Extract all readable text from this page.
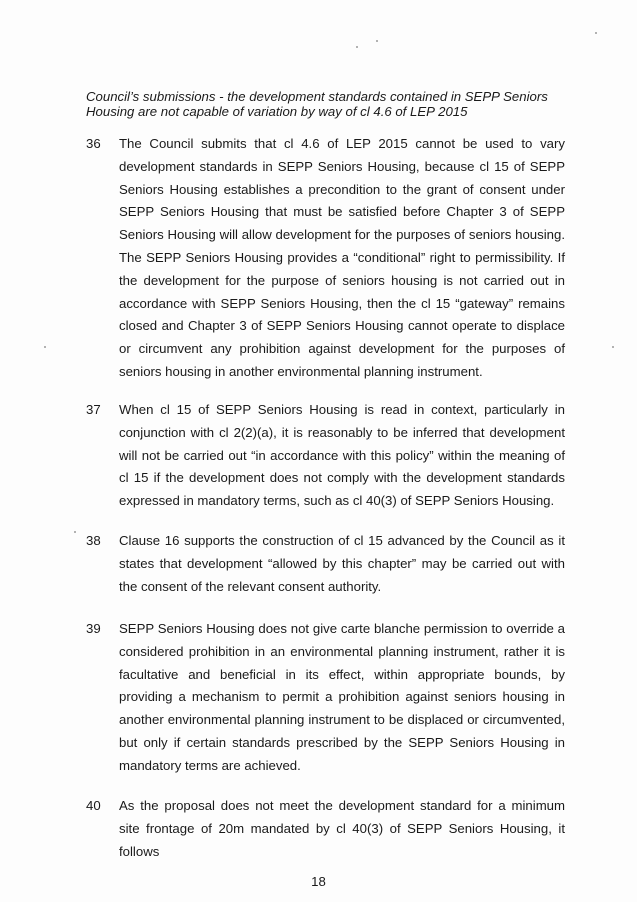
Council’s submissions - the development standards contained in SEPP Seniors
Housing are not capable of variation by way of cl 4.6 of LEP 2015
36 The Council submits that cl 4.6 of LEP 2015 cannot be used to vary development standards in SEPP Seniors Housing, because cl 15 of SEPP Seniors Housing establishes a precondition to the grant of consent under SEPP Seniors Housing that must be satisfied before Chapter 3 of SEPP Seniors Housing will allow development for the purposes of seniors housing. The SEPP Seniors Housing provides a “conditional” right to permissibility. If the development for the purpose of seniors housing is not carried out in accordance with SEPP Seniors Housing, then the cl 15 “gateway” remains closed and Chapter 3 of SEPP Seniors Housing cannot operate to displace or circumvent any prohibition against development for the purposes of seniors housing in another environmental planning instrument.
37 When cl 15 of SEPP Seniors Housing is read in context, particularly in conjunction with cl 2(2)(a), it is reasonably to be inferred that development will not be carried out “in accordance with this policy” within the meaning of cl 15 if the development does not comply with the development standards expressed in mandatory terms, such as cl 40(3) of SEPP Seniors Housing.
38 Clause 16 supports the construction of cl 15 advanced by the Council as it states that development “allowed by this chapter” may be carried out with the consent of the relevant consent authority.
39 SEPP Seniors Housing does not give carte blanche permission to override a considered prohibition in an environmental planning instrument, rather it is facultative and beneficial in its effect, within appropriate bounds, by providing a mechanism to permit a prohibition against seniors housing in another environmental planning instrument to be displaced or circumvented, but only if certain standards prescribed by the SEPP Seniors Housing in mandatory terms are achieved.
40 As the proposal does not meet the development standard for a minimum site frontage of 20m mandated by cl 40(3) of SEPP Seniors Housing, it follows
18
